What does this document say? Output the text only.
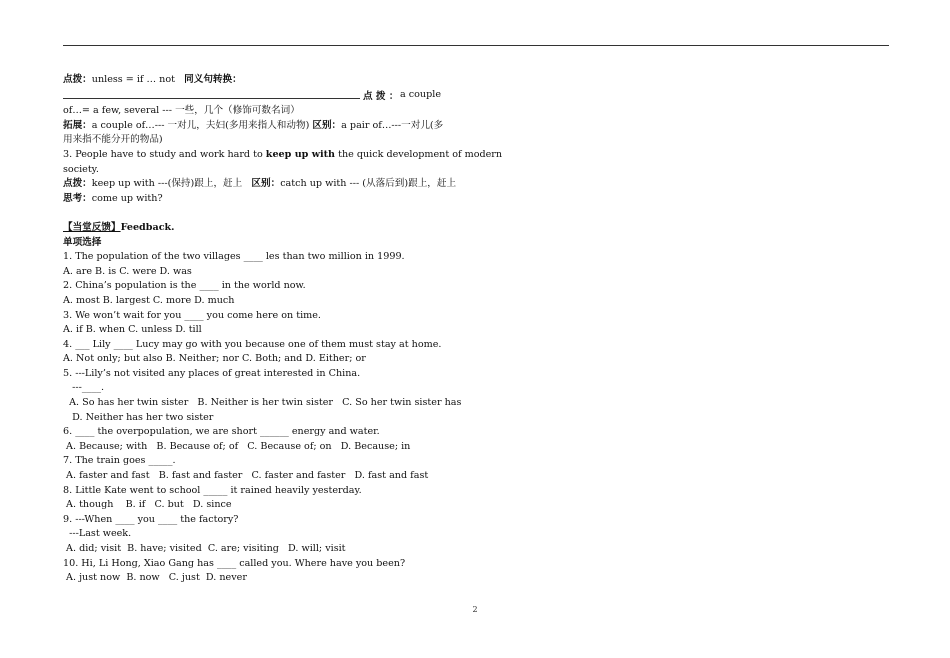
点拨：unless = if … not 同义句转换：
点 拨 ： a couple
of…= a few, several --- 一些，几个（修饰可数名词）
拓展：a couple of…--- 一对儿，夫妇(多用来指人和动物) 区别：a pair of…---一对儿(多
用来指不能分开的物品)
3. People have to study and work hard to keep up with the quick development of modern
society.
点拨：keep up with ---(保持)跟上，赶上 区别：catch up with --- (从落后到)跟上，赶上
思考：come up with?
【当堂反馈】Feedback.
单项选择
1. The population of the two villages ____ les than two million in 1999.
A. are B. is C. were D. was
2. China’s population is the ____ in the world now.
A. most B. largest C. more D. much
3. We won’t wait for you ____ you come here on time.
A. if B. when C. unless D. till
4. ___ Lily ____ Lucy may go with you because one of them must stay at home.
A. Not only; but also B. Neither; nor C. Both; and D. Either; or
5. ---Lily’s not visited any places of great interested in China.
---____.
A. So has her twin sister   B. Neither is her twin sister   C. So her twin sister has
D. Neither has her two sister
6. ____ the overpopulation, we are short ______ energy and water.
A. Because; with   B. Because of; of   C. Because of; on   D. Because; in
7. The train goes _____.
A. faster and fast   B. fast and faster   C. faster and faster   D. fast and fast
8. Little Kate went to school _____ it rained heavily yesterday.
A. though    B. if   C. but   D. since
9. ---When ____ you ____ the factory?
---Last week.
A. did; visit  B. have; visited  C. are; visiting   D. will; visit
10. Hi, Li Hong, Xiao Gang has ____ called you. Where have you been?
A. just now  B. now   C. just  D. never
2
